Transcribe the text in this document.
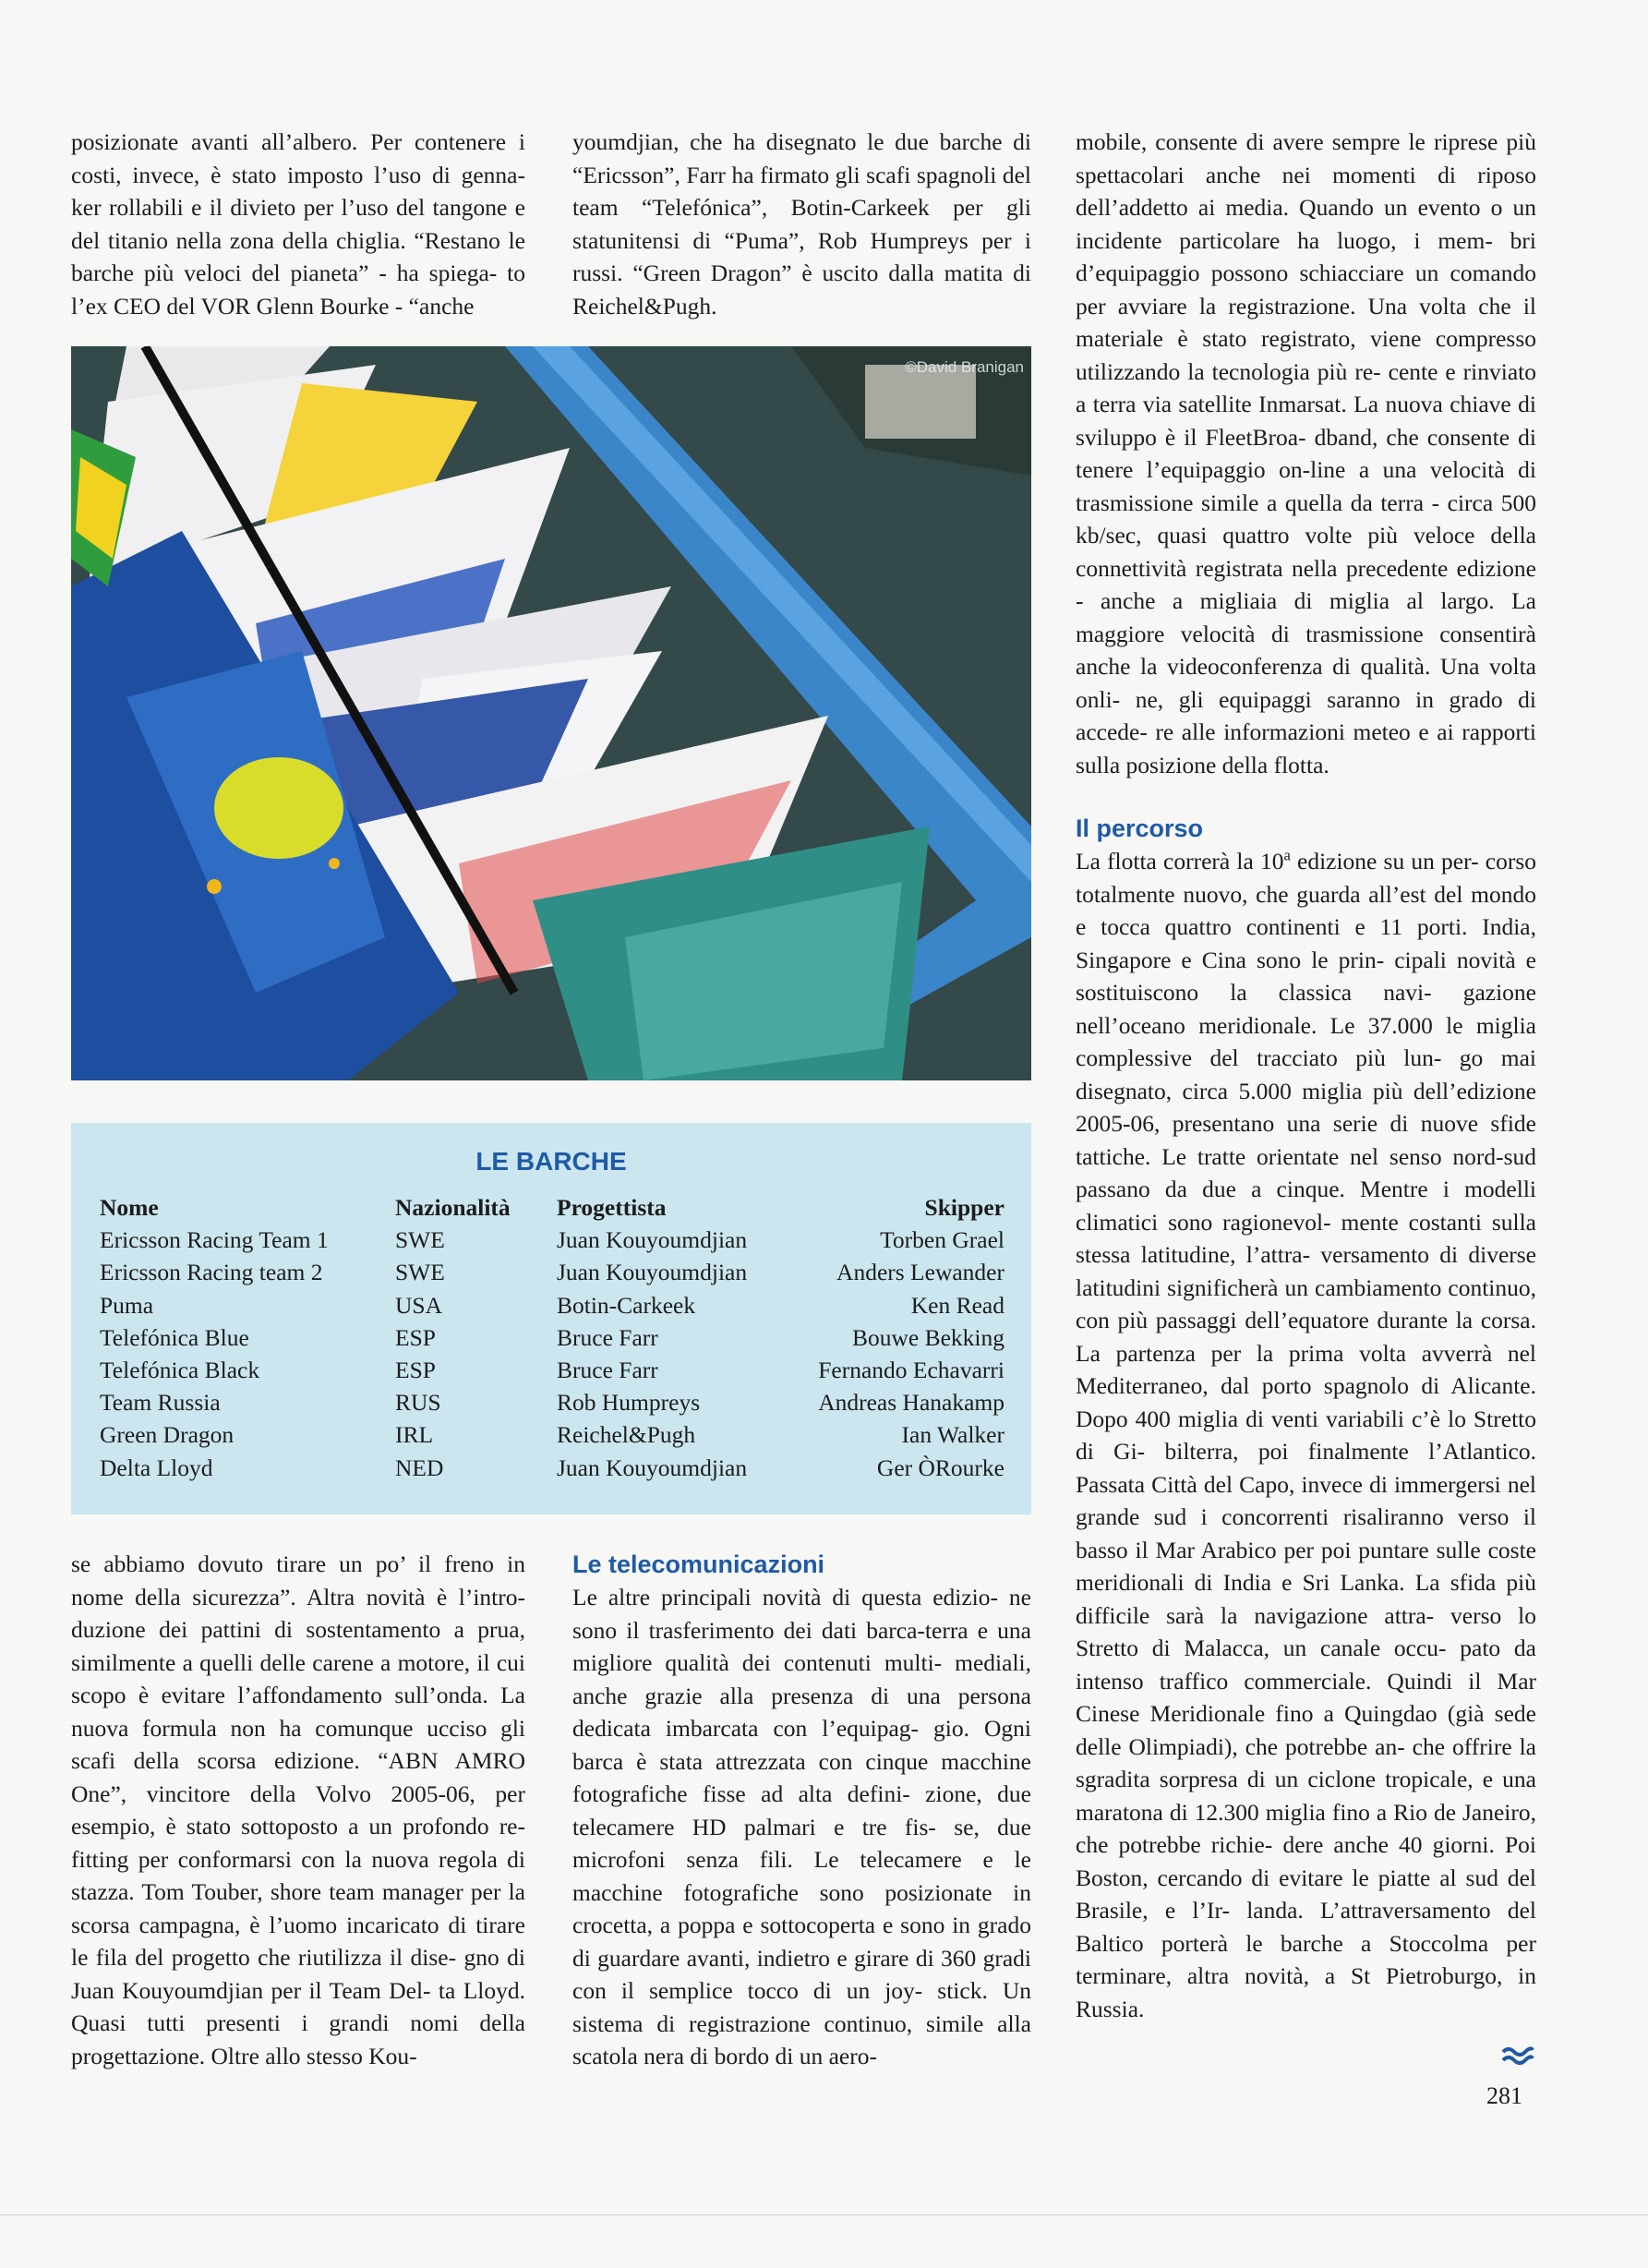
posizionate avanti all’albero. Per contenere i costi, invece, è stato imposto l’uso di genna- ker rollabili e il divieto per l’uso del tangone e del titanio nella zona della chiglia. “Restano le barche più veloci del pianeta” - ha spiega- to l’ex CEO del VOR Glenn Bourke - “anche

youmdjian, che ha disegnato le due barche di “Ericsson”, Farr ha firmato gli scafi spagnoli del team “Telefónica”, Botin-Carkeek per gli statunitensi di “Puma”, Rob Humpreys per i russi. “Green Dragon” è uscito dalla matita di Reichel&Pugh.

©David Branigan

mobile, consente di avere sempre le riprese più spettacolari anche nei momenti di riposo dell’addetto ai media. Quando un evento o un incidente particolare ha luogo, i mem- bri d’equipaggio possono schiacciare un comando per avviare la registrazione. Una volta che il materiale è stato registrato, viene compresso utilizzando la tecnologia più re- cente e rinviato a terra via satellite Inmarsat. La nuova chiave di sviluppo è il FleetBroa- dband, che consente di tenere l’equipaggio on-line a una velocità di trasmissione simile a quella da terra - circa 500 kb/sec, quasi quattro volte più veloce della connettività registrata nella precedente edizione - anche a migliaia di miglia al largo. La maggiore velocità di trasmissione consentirà anche la videoconferenza di qualità. Una volta onli- ne, gli equipaggi saranno in grado di accede- re alle informazioni meteo e ai rapporti sulla posizione della flotta.

Il percorso

La flotta correrà la 10$^a$ edizione su un per- corso totalmente nuovo, che guarda all’est del mondo e tocca quattro continenti e 11 porti. India, Singapore e Cina sono le prin- cipali novità e sostituiscono la classica navi- gazione nell’oceano meridionale. Le 37.000 le miglia complessive del tracciato più lun- go mai disegnato, circa 5.000 miglia più dell’edizione 2005-06, presentano una serie di nuove sfide tattiche. Le tratte orientate nel senso nord-sud passano da due a cinque. Mentre i modelli climatici sono ragionevol- mente costanti sulla stessa latitudine, l’attra- versamento di diverse latitudini significherà un cambiamento continuo, con più passaggi dell’equatore durante la corsa. La partenza per la prima volta avverrà nel Mediterraneo, dal porto spagnolo di Alicante. Dopo 400 miglia di venti variabili c’è lo Stretto di Gi- bilterra, poi finalmente l’Atlantico. Passata Città del Capo, invece di immergersi nel grande sud i concorrenti risaliranno verso il basso il Mar Arabico per poi puntare sulle coste meridionali di India e Sri Lanka. La sfida più difficile sarà la navigazione attra- verso lo Stretto di Malacca, un canale occu- pato da intenso traffico commerciale. Quindi il Mar Cinese Meridionale fino a Quingdao (già sede delle Olimpiadi), che potrebbe an- che offrire la sgradita sorpresa di un ciclone tropicale, e una maratona di 12.300 miglia fino a Rio de Janeiro, che potrebbe richie- dere anche 40 giorni. Poi Boston, cercando di evitare le piatte al sud del Brasile, e l’Ir- landa. L’attraversamento del Baltico porterà le barche a Stoccolma per terminare, altra novità, a St Pietroburgo, in Russia.

LE BARCHE
Nome	Nazionalità	Progettista	Skipper
Ericsson Racing Team 1	SWE	Juan Kouyoumdjian	Torben Grael
Ericsson Racing team 2	SWE	Juan Kouyoumdjian	Anders Lewander
Puma	USA	Botin-Carkeek	Ken Read
Telefónica Blue	ESP	Bruce Farr	Bouwe Bekking
Telefónica Black	ESP	Bruce Farr	Fernando Echavarri
Team Russia	RUS	Rob Humpreys	Andreas Hanakamp
Green Dragon	IRL	Reichel&Pugh	Ian Walker
Delta Lloyd	NED	Juan Kouyoumdjian	Ger ÒRourke

se abbiamo dovuto tirare un po’ il freno in nome della sicurezza”. Altra novità è l’intro- duzione dei pattini di sostentamento a prua, similmente a quelli delle carene a motore, il cui scopo è evitare l’affondamento sull’onda. La nuova formula non ha comunque ucciso gli scafi della scorsa edizione. “ABN AMRO One”, vincitore della Volvo 2005-06, per esempio, è stato sottoposto a un profondo re- fitting per conformarsi con la nuova regola di stazza. Tom Touber, shore team manager per la scorsa campagna, è l’uomo incaricato di tirare le fila del progetto che riutilizza il dise- gno di Juan Kouyoumdjian per il Team Del- ta Lloyd. Quasi tutti presenti i grandi nomi della progettazione. Oltre allo stesso Kou-

Le telecomunicazioni

Le altre principali novità di questa edizio- ne sono il trasferimento dei dati barca-terra e una migliore qualità dei contenuti multi- mediali, anche grazie alla presenza di una persona dedicata imbarcata con l’equipag- gio. Ogni barca è stata attrezzata con cinque macchine fotografiche fisse ad alta defini- zione, due telecamere HD palmari e tre fis- se, due microfoni senza fili. Le telecamere e le macchine fotografiche sono posizionate in crocetta, a poppa e sottocoperta e sono in grado di guardare avanti, indietro e girare di 360 gradi con il semplice tocco di un joy- stick. Un sistema di registrazione continuo, simile alla scatola nera di bordo di un aero-

281
